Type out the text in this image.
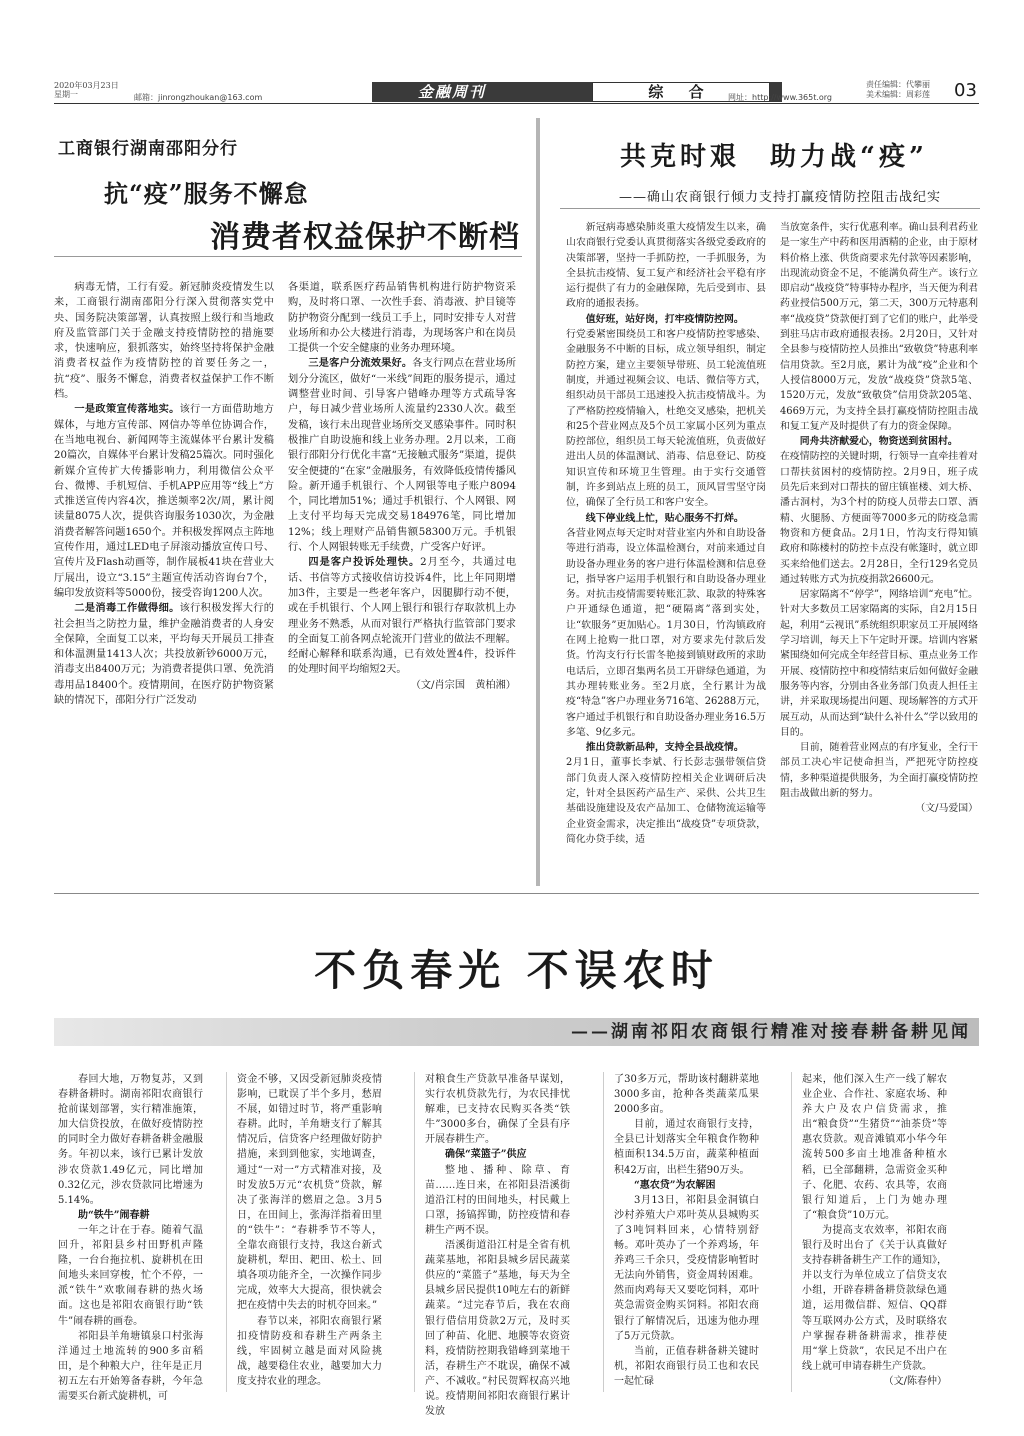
2020年03月23日
星期一	邮箱：jinrongzhoukan@163.com	金融周刊	综 合	网址：http://www.365t.org
责任编辑：代攀丽
美术编辑：周彩莲 03
工商银行湖南邵阳分行
抗“疫”服务不懈怠
消费者权益保护不断档

病毒无情，工行有爱。新冠肺炎疫情发生以来，工商银行湖南邵阳分行深入贯彻落实党中央、国务院决策部署，认真按照上级行和当地政府及监管部门关于金融支持疫情防控的措施要求，快速响应，狠抓落实，始终坚持将保护金融消费者权益作为疫情防控的首要任务之一，抗“疫”、服务不懈怠，消费者权益保护工作不断档。

一是政策宣传落地实。该行一方面借助地方媒体，与地方宣传部、网信办等单位协调合作，在当地电视台、新闻网等主流媒体平台累计发稿20篇次，自媒体平台累计发稿25篇次。同时强化新媒介宣传扩大传播影响力，利用微信公众平台、微博、手机短信、手机APP应用等“线上”方式推送宣传内容4次，推送频率2次/周，累计阅读量8075人次，提供咨询服务1030次，为金融消费者解答问题1650个。并积极发挥网点主阵地宣传作用，通过LED电子屏滚动播放宣传口号、宣传片及Flash动画等，制作展板41块在营业大厅展出，设立“3.15”主题宣传活动咨询台7个，编印发放资料等5000份，接受咨询1200人次。

二是消毒工作做得细。该行积极发挥大行的社会担当之防控力量，维护金融消费者的人身安全保障，全面复工以来，平均每天开展员工排查和体温测量1413人次；共投放新钞6000万元，消毒支出8400万元；为消费者提供口罩、免洗消毒用品18400个。疫情期间，在医疗防护物资紧缺的情况下，邵阳分行广泛发动

各渠道，联系医疗药品销售机构进行防护物资采购，及时将口罩、一次性手套、消毒液、护目镜等防护物资分配到一线员工手上，同时安排专人对营业场所和办公大楼进行消毒，为现场客户和在岗员工提供一个安全健康的业务办理环境。

三是客户分流效果好。各支行网点在营业场所划分分流区，做好“一米线”间距的服务提示，通过调整营业时间、引导客户错峰办理等方式疏导客户，每日减少营业场所人流量约2330人次。截至发稿，该行未出现营业场所交叉感染事件。同时积极推广自助设施和线上业务办理。2月以来，工商银行邵阳分行优化丰富“无接触式服务”渠道，提供安全便捷的“在家”金融服务，有效降低疫情传播风险。新开通手机银行、个人网银等电子账户8094个，同比增加51%；通过手机银行、个人网银、网上支付平均每天完成交易184976笔，同比增加12%；线上理财产品销售额58300万元。手机银行、个人网银转账无手续费，广受客户好评。

四是客户投诉处理快。2月至今，共通过电话、书信等方式接收信访投诉4件，比上年同期增加3件，主要是一些老年客户，因腿脚行动不便，或在手机银行、个人网上银行和银行存取款机上办理业务不熟悉，从而对银行严格执行监管部门要求的全面复工前各网点轮流开门营业的做法不理解。经耐心解释和联系沟通，已有效处置4件，投诉件的处理时间平均缩短2天。

（文/肖宗国　黄柏湘）

共克时艰　助力战“疫”
——确山农商银行倾力支持打赢疫情防控阻击战纪实

新冠病毒感染肺炎重大疫情发生以来，确山农商银行党委认真贯彻落实各级党委政府的决策部署，坚持一手抓防控，一手抓服务，为全县抗击疫情、复工复产和经济社会平稳有序运行提供了有力的金融保障，先后受到市、县政府的通报表扬。

值好班，站好岗，打牢疫情防控网。

行党委紧密围绕员工和客户疫情防控零感染、金融服务不中断的目标，成立领导组织，制定防控方案，建立主要领导带班、员工轮流值班制度，并通过视频会议、电话、微信等方式，组织动员干部员工迅速投入抗击疫情战斗。为了严格防控疫情输入，杜绝交叉感染，把机关和25个营业网点及5个员工家属小区列为重点防控部位，组织员工每天轮流值班，负责做好进出人员的体温测试、消毒、信息登记、防疫知识宣传和环境卫生管理。由于实行交通管制，许多到站点上班的员工，顶风冒雪坚守岗位，确保了全行员工和客户安全。

线下停业线上忙，贴心服务不打烊。

各营业网点每天定时对营业室内外和自助设备等进行消毒，设立体温检测台，对前来通过自助设备办理业务的客户进行体温检测和信息登记，指导客户运用手机银行和自助设备办理业务。对抗击疫情需要转账汇款、取款的特殊客户开通绿色通道，把“硬隔离”落到实处，让“软服务”更加贴心。1月30日，竹沟镇政府在网上抢购一批口罩，对方要求先付款后发货。竹沟支行行长雷冬艳接到镇财政所的求助电话后，立即召集两名员工开辟绿色通道，为其办理转账业务。至2月底，全行累计为战疫“特急”客户办理业务716笔、26288万元，客户通过手机银行和自助设备办理业务16.5万多笔、9亿多元。

推出贷款新品种，支持全县战疫情。

2月1日，董事长李斌、行长彭志强带领信贷部门负责人深入疫情防控相关企业调研后决定，针对全县医药产品生产、采供、公共卫生基础设施建设及农产品加工、仓储物流运输等企业资金需求，决定推出“战疫贷”专项贷款，简化办贷手续，适

当放宽条件，实行优惠利率。确山县利君药业是一家生产中药和医用酒精的企业，由于原材料价格上涨、供货商要求先付款等因素影响，出现流动资金不足，不能满负荷生产。该行立即启动“战疫贷”特事特办程序，当天便为利君药业授信500万元，第二天，300万元特惠利率“战疫贷”贷款便打到了它们的账户，此举受到驻马店市政府通报表扬。2月20日，又针对全县参与疫情防控人员推出“致敬贷”特惠利率信用贷款。至2月底，累计为战“疫”企业和个人授信8000万元，发放“战疫贷”贷款5笔、1520万元，发放“致敬贷”信用贷款205笔、4669万元，为支持全县打赢疫情防控阻击战和复工复产及时提供了有力的资金保障。

同舟共济献爱心，物资送到贫困村。

在疫情防控的关键时期，行领导一直牵挂着对口帮扶贫困村的疫情防控。2月9日，班子成员先后来到对口帮扶的留庄镇崔楼、刘大桥、潘古洞村，为3个村的防疫人员带去口罩、酒精、火腿肠、方便面等7000多元的防疫急需物资和方便食品。2月1日，竹沟支行得知镇政府和陈楼村的防控卡点没有帐篷时，就立即买来给他们送去。2月28日，全行129名党员通过转账方式为抗疫捐款26600元。

居家隔离不“停学”，网络培训“充电”忙。针对大多数员工居家隔离的实际，自2月15日起，利用“云视讯”系统组织职家员工开展网络学习培训，每天上下午定时开课。培训内容紧紧围绕如何完成全年经营目标、重点业务工作开展、疫情防控中和疫情结束后如何做好金融服务等内容，分别由各业务部门负责人担任主讲，并采取现场提出问题、现场解答的方式开展互动，从而达到“缺什么补什么”学以致用的目的。

目前，随着营业网点的有序复业，全行干部员工决心牢记使命担当，严把死守防控疫情，多种渠道提供服务，为全面打赢疫情防控阻击战做出新的努力。

（文/马爱国）

不负春光 不误农时
——湖南祁阳农商银行精准对接春耕备耕见闻

春回大地，万物复苏，又到春耕备耕时。湖南祁阳农商银行抢前谋划部署，实行精准施策，加大信贷投放，在做好疫情防控的同时全力做好春耕备耕金融服务。年初以来，该行已累计发放涉农贷款1.49亿元，同比增加0.32亿元，涉农贷款同比增速为5.14%。

助“铁牛”闹春耕

一年之计在于春。随着气温回升，祁阳县乡村田野机声隆隆，一台台拖拉机、旋耕机在田间地头来回穿梭，忙个不停，一派“铁牛”欢歌闹春耕的热火场面。这也是祁阳农商银行助“铁牛”闹春耕的画卷。

祁阳县羊角塘镇泉口村张海洋通过土地流转的900多亩稻田，是个种粮大户，往年是正月初五左右开始筹备春耕，今年急需要买台新式旋耕机，可

资金不够，又因受新冠肺炎疫情影响，已耽误了半个多月，愁眉不展，如错过时节，将严重影响春耕。此时，羊角塘支行了解其情况后，信贷客户经理做好防护措施，来到到他家，实地调查，通过“一对一”方式精准对接，及时发放5万元“农机贷”贷款，解决了张海洋的燃眉之急。3月5日，在田间上，张海洋指着田里的“铁牛”：“春耕季节不等人，全靠农商银行支持，我这台新式旋耕机，犁田、耙田、松土、回填各项功能齐全，一次操作同步完成，效率大大提高，很快就会把在疫情中失去的时机夺回来。”

春节以来，祁阳农商银行紧扣疫情防疫和春耕生产两条主线，牢固树立越是面对风险挑战，越要稳住农业，越要加大力度支持农业的理念。

对粮食生产贷款早准备早谋划，实行农机贷款先行，为农民排忧解难，已支持农民购买各类“铁牛”3000多台，确保了全县有序开展春耕生产。

确保“菜篮子”供应

整地、播种、除草、育苗……连日来，在祁阳县浯溪街道沿江村的田间地头，村民戴上口罩，扬镐挥锄，防控疫情和春耕生产两不误。

浯溪街道沿江村是全省有机蔬菜基地，祁阳县城乡居民蔬菜供应的“菜篮子”基地，每天为全县城乡居民提供10吨左右的新鲜蔬菜。“过完春节后，我在农商银行借信用贷款2万元，及时买回了种苗、化肥、地膜等农资资料，疫情防控期我错峰到菜地干活，春耕生产不耽误，确保不减产、不减收。”村民贺辉权高兴地说。疫情期间祁阳农商银行累计发放

了30多万元，帮助该村翻耕菜地3000多亩，抢种各类蔬菜瓜果2000多亩。

目前，通过农商银行支持，全县已计划落实全年粮食作物种植面积134.5万亩，蔬菜种植面积42万亩，出栏生猪90万头。

“惠农贷”为农解困

3月13日，祁阳县金洞镇白沙村养殖大户邓叶英从县城购买了3吨饲料回来，心情特别舒畅。邓叶英办了一个养鸡场，年养鸡三千余只，受疫情影响暂时无法向外销售，资金周转困难。然而肉鸡每天又要吃饲料，邓叶英急需资金购买饲料。祁阳农商银行了解情况后，迅速为他办理了5万元贷款。

当前，正值春耕备耕关键时机，祁阳农商银行员工也和农民一起忙碌

起来，他们深入生产一线了解农业企业、合作社、家庭农场、种养大户及农户信贷需求，推出“粮食贷”“生猪贷”“油茶贷”等惠农贷款。观音滩镇邓小华今年流转500多亩土地准备种植水稻，已全部翻耕，急需资金买种子、化肥、农药、农具等，农商银行知道后，上门为她办理了“粮食贷”10万元。

为提高支农效率，祁阳农商银行及时出台了《关于认真做好支持春耕备耕生产工作的通知》，并以支行为单位成立了信贷支农小组，开辟春耕备耕贷款绿色通道，运用微信群、短信、QQ群等互联网办公方式，及时联络农户掌握春耕备耕需求，推荐使用“掌上贷款”，农民足不出户在线上就可申请春耕生产贷款。

（文/陈春仲）
